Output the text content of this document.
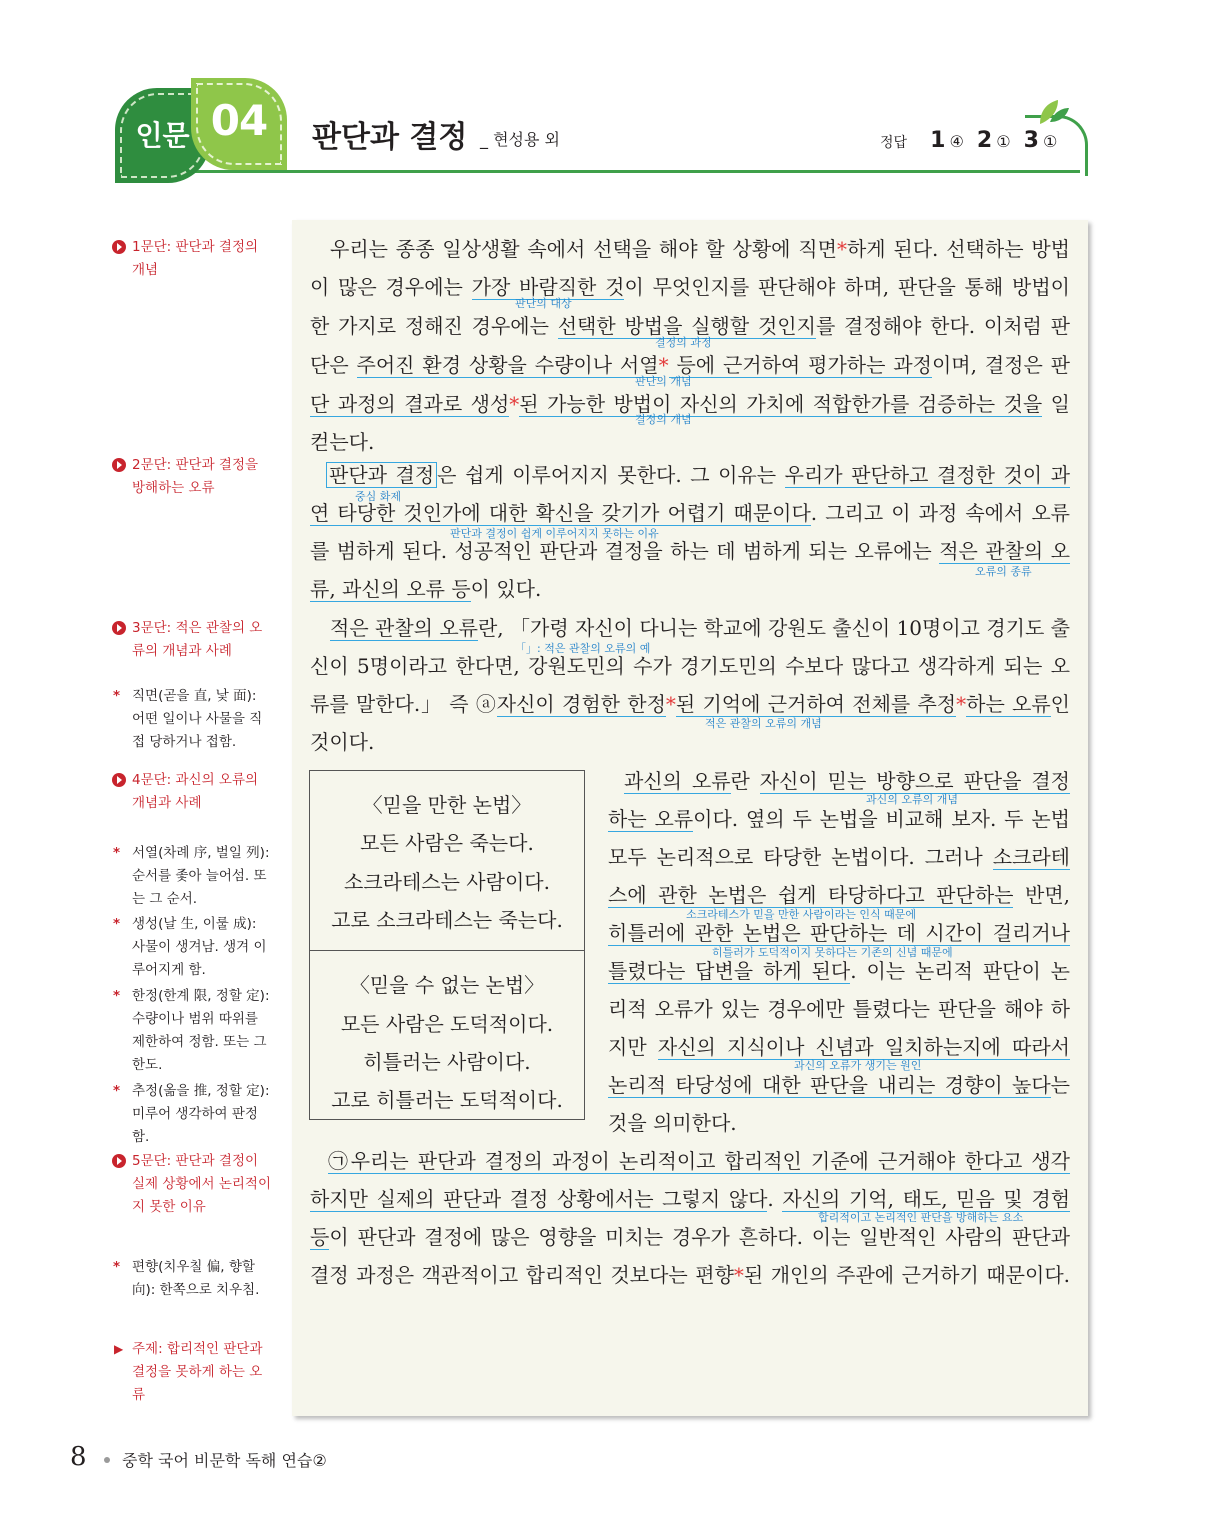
인문 04	판단과 결정 _ 현성용 외	정답 1 ④ 2 ① 3 ①
1문단: 판단과 결정의 개념
2문단: 판단과 결정을 방해하는 오류
3문단: 적은 관찰의 오류의 개념과 사례
* 직면(곧을 直, 낯 面): 어떤 일이나 사물을 직접 당하거나 접함.
4문단: 과신의 오류의 개념과 사례
* 서열(차례 序, 벌일 列): 순서를 좇아 늘어섬. 또는 그 순서.
* 생성(날 生, 이룰 成): 사물이 생겨남. 생겨 이루어지게 함.
* 한정(한계 限, 정할 定): 수량이나 범위 따위를 제한하여 정함. 또는 그 한도.
* 추정(옮을 推, 정할 定): 미루어 생각하여 판정함.
5문단: 판단과 결정이 실제 상황에서 논리적이지 못한 이유
* 편향(치우칠 偏, 향할 向): 한쪽으로 치우침.
▶ 주제: 합리적인 판단과 결정을 못하게 하는 오류
우리는 종종 일상생활 속에서 선택을 해야 할 상황에 직면*하게 된다. 선택하는 방법
이 많은 경우에는 가장 바람직한 것이 무엇인지를 판단해야 하며, 판단을 통해 방법이
판단의 대상
한 가지로 정해진 경우에는 선택한 방법을 실행할 것인지를 결정해야 한다. 이처럼 판
결정의 과정
단은 주어진 환경 상황을 수량이나 서열* 등에 근거하여 평가하는 과정이며, 결정은 판
판단의 개념
단 과정의 결과로 생성*된 가능한 방법이 자신의 가치에 적합한가를 검증하는 것을 일
결정의 개념
컫는다.
판단과 결정 은 쉽게 이루어지지 못한다. 그 이유는 우리가 판단하고 결정한 것이 과
중심 화제
연 타당한 것인가에 대한 확신을 갖기가 어렵기 때문이다. 그리고 이 과정 속에서 오류
판단과 결정이 쉽게 이루어지지 못하는 이유
를 범하게 된다. 성공적인 판단과 결정을 하는 데 범하게 되는 오류에는 적은 관찰의 오
오류의 종류
류, 과신의 오류 등이 있다.
적은 관찰의 오류란, 「가령 자신이 다니는 학교에 강원도 출신이 10명이고 경기도 출
「」: 적은 관찰의 오류의 예
신이 5명이라고 한다면, 강원도민의 수가 경기도민의 수보다 많다고 생각하게 되는 오
류를 말한다.」 즉 ⓐ자신이 경험한 한정*된 기억에 근거하여 전체를 추정*하는 오류인
적은 관찰의 오류의 개념
것이다.
〈믿을 만한 논법〉
모든 사람은 죽는다.
소크라테스는 사람이다.
고로 소크라테스는 죽는다.
〈믿을 수 없는 논법〉
모든 사람은 도덕적이다.
히틀러는 사람이다.
고로 히틀러는 도덕적이다.
과신의 오류란 자신이 믿는 방향으로 판단을 결정
하는 오류이다. 옆의 두 논법을 비교해 보자. 두 논법
과신의 오류의 개념
모두 논리적으로 타당한 논법이다. 그러나 소크라테
스에 관한 논법은 쉽게 타당하다고 판단하는 반면,
소크라테스가 믿을 만한 사람이라는 인식 때문에
히틀러에 관한 논법은 판단하는 데 시간이 걸리거나
히틀러가 도덕적이지 못하다는 기존의 신념 때문에
틀렸다는 답변을 하게 된다. 이는 논리적 판단이 논
리적 오류가 있는 경우에만 틀렸다는 판단을 해야 하
지만 자신의 지식이나 신념과 일치하는지에 따라서
과신의 오류가 생기는 원인
논리적 타당성에 대한 판단을 내리는 경향이 높다는
것을 의미한다.
㉠우리는 판단과 결정의 과정이 논리적이고 합리적인 기준에 근거해야 한다고 생각
하지만 실제의 판단과 결정 상황에서는 그렇지 않다. 자신의 기억, 태도, 믿음 및 경험
합리적이고 논리적인 판단을 방해하는 요소
등이 판단과 결정에 많은 영향을 미치는 경우가 흔하다. 이는 일반적인 사람의 판단과
결정 과정은 객관적이고 합리적인 것보다는 편향*된 개인의 주관에 근거하기 때문이다.
8 중학 국어 비문학 독해 연습②
